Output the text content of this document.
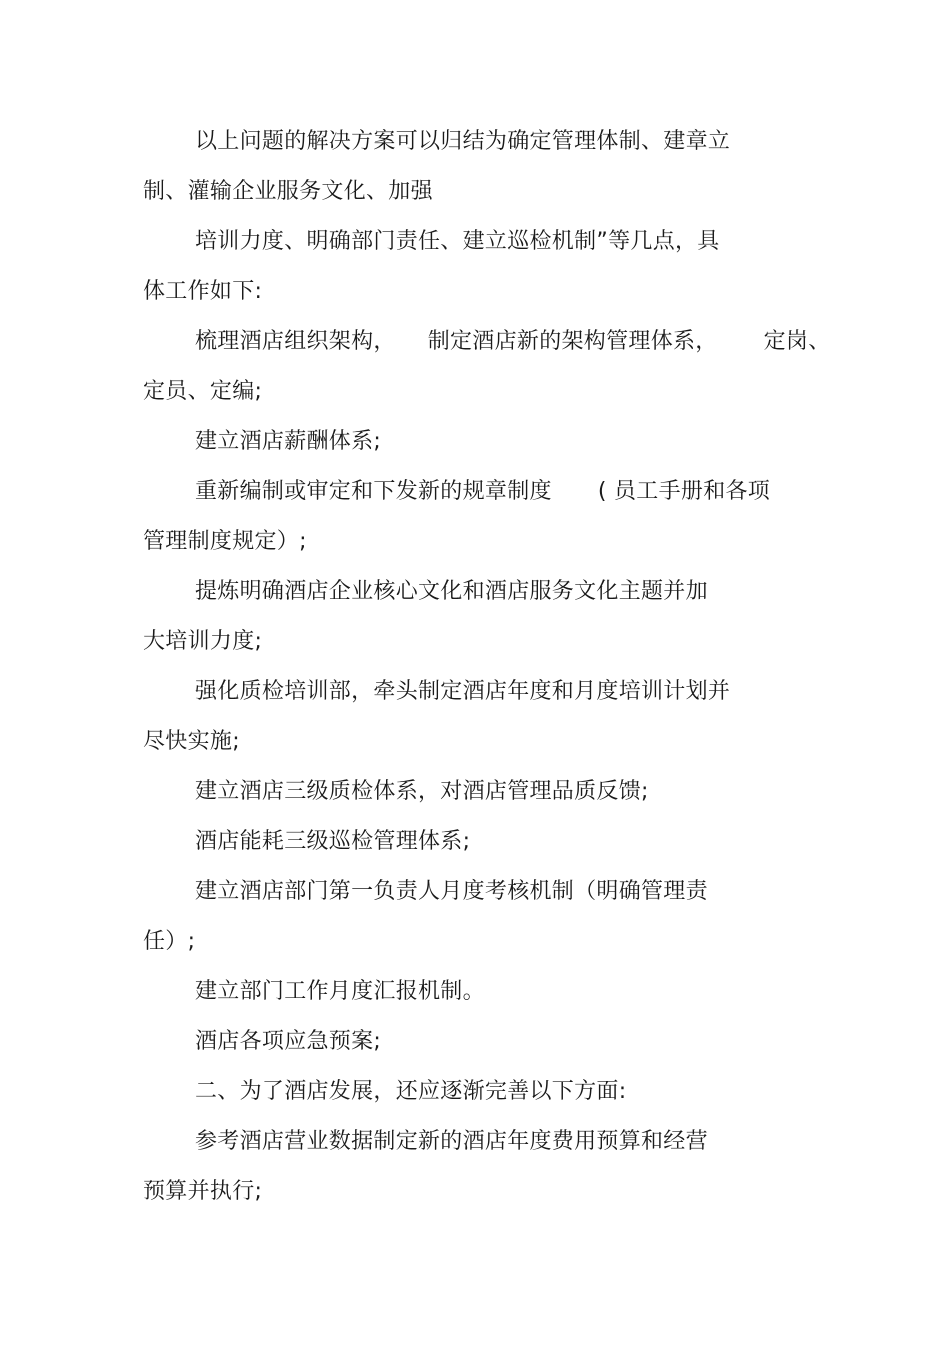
以上问题的解决方案可以归结为确定管理体制、建章立
制、灌输企业服务文化、加强
培训力度、明确部门责任、建立巡检机制”等几点，具
体工作如下:
梳理酒店组织架构， 制定酒店新的架构管理体系， 定岗、
定员、定编;
建立酒店薪酬体系;
重新编制或审定和下发新的规章制度 ( 员工手册和各项
管理制度规定）;
提炼明确酒店企业核心文化和酒店服务文化主题并加
大培训力度;
强化质检培训部，牵头制定酒店年度和月度培训计划并
尽快实施;
建立酒店三级质检体系，对酒店管理品质反馈;
酒店能耗三级巡检管理体系;
建立酒店部门第一负责人月度考核机制（明确管理责
任）;
建立部门工作月度汇报机制。
酒店各项应急预案;
二、为了酒店发展，还应逐渐完善以下方面:
参考酒店营业数据制定新的酒店年度费用预算和经营
预算并执行;
